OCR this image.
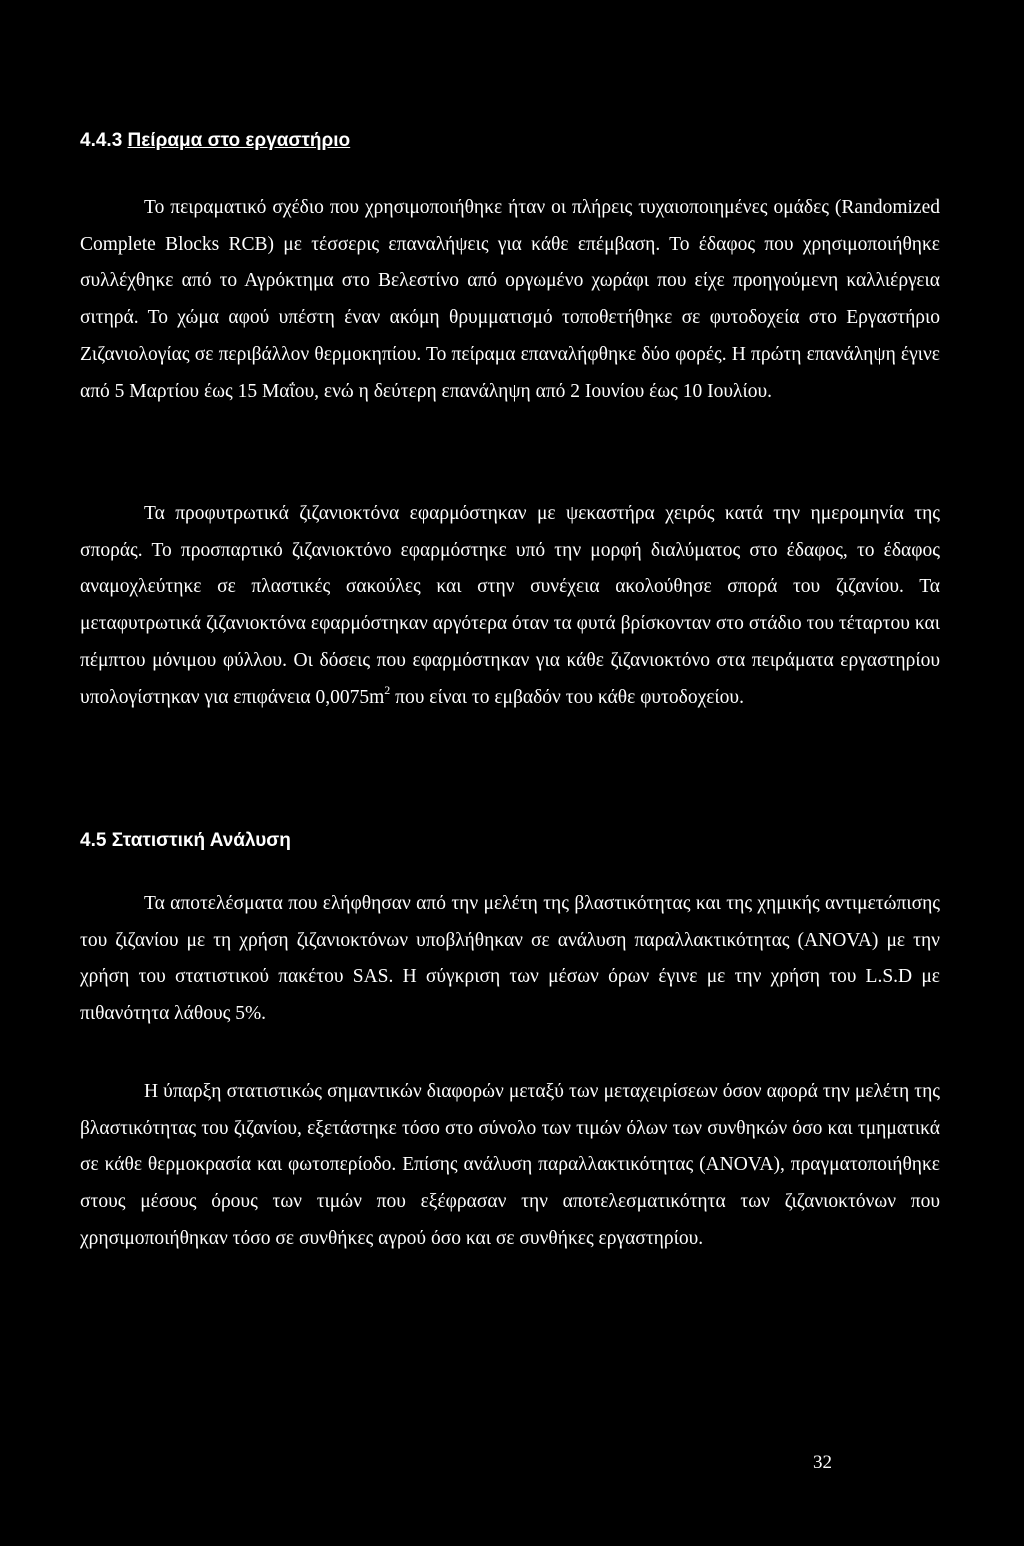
4.4.3 Πείραμα στο εργαστήριο
Το πειραματικό σχέδιο που χρησιμοποιήθηκε ήταν οι πλήρεις τυχαιοποιημένες ομάδες (Randomized Complete Blocks RCB) με τέσσερις επαναλήψεις για κάθε επέμβαση. Το έδαφος που χρησιμοποιήθηκε συλλέχθηκε από το Αγρόκτημα στο Βελεστίνο από οργωμένο χωράφι που είχε προηγούμενη καλλιέργεια σιτηρά. Το χώμα αφού υπέστη έναν ακόμη θρυμματισμό τοποθετήθηκε σε φυτοδοχεία στο Εργαστήριο Ζιζανιολογίας σε περιβάλλον θερμοκηπίου. Το πείραμα επαναλήφθηκε δύο φορές. Η πρώτη επανάληψη έγινε από 5 Μαρτίου έως 15 Μαΐου, ενώ η δεύτερη επανάληψη από 2 Ιουνίου έως 10 Ιουλίου.
Τα προφυτρωτικά ζιζανιοκτόνα εφαρμόστηκαν με ψεκαστήρα χειρός κατά την ημερομηνία της σποράς. Το προσπαρτικό ζιζανιοκτόνο εφαρμόστηκε υπό την μορφή διαλύματος στο έδαφος, το έδαφος αναμοχλεύτηκε σε πλαστικές σακούλες και στην συνέχεια ακολούθησε σπορά του ζιζανίου. Τα μεταφυτρωτικά ζιζανιοκτόνα εφαρμόστηκαν αργότερα όταν τα φυτά βρίσκονταν στο στάδιο του τέταρτου και πέμπτου μόνιμου φύλλου. Οι δόσεις που εφαρμόστηκαν για κάθε ζιζανιοκτόνο στα πειράματα εργαστηρίου υπολογίστηκαν για επιφάνεια $0,0075m^2$ που είναι το εμβαδόν του κάθε φυτοδοχείου.
4.5 Στατιστική Ανάλυση
Τα αποτελέσματα που ελήφθησαν από την μελέτη της βλαστικότητας και της χημικής αντιμετώπισης του ζιζανίου με τη χρήση ζιζανιοκτόνων υποβλήθηκαν σε ανάλυση παραλλακτικότητας (ANOVA) με την χρήση του στατιστικού πακέτου SAS. Η σύγκριση των μέσων όρων έγινε με την χρήση του L.S.D με πιθανότητα λάθους 5%.
Η ύπαρξη στατιστικώς σημαντικών διαφορών μεταξύ των μεταχειρίσεων όσον αφορά την μελέτη της βλαστικότητας του ζιζανίου, εξετάστηκε τόσο στο σύνολο των τιμών όλων των συνθηκών όσο και τμηματικά σε κάθε θερμοκρασία και φωτοπερίοδο. Επίσης ανάλυση παραλλακτικότητας (ANOVA), πραγματοποιήθηκε στους μέσους όρους των τιμών που εξέφρασαν την αποτελεσματικότητα των ζιζανιοκτόνων που χρησιμοποιήθηκαν τόσο σε συνθήκες αγρού όσο και σε συνθήκες εργαστηρίου.
32
